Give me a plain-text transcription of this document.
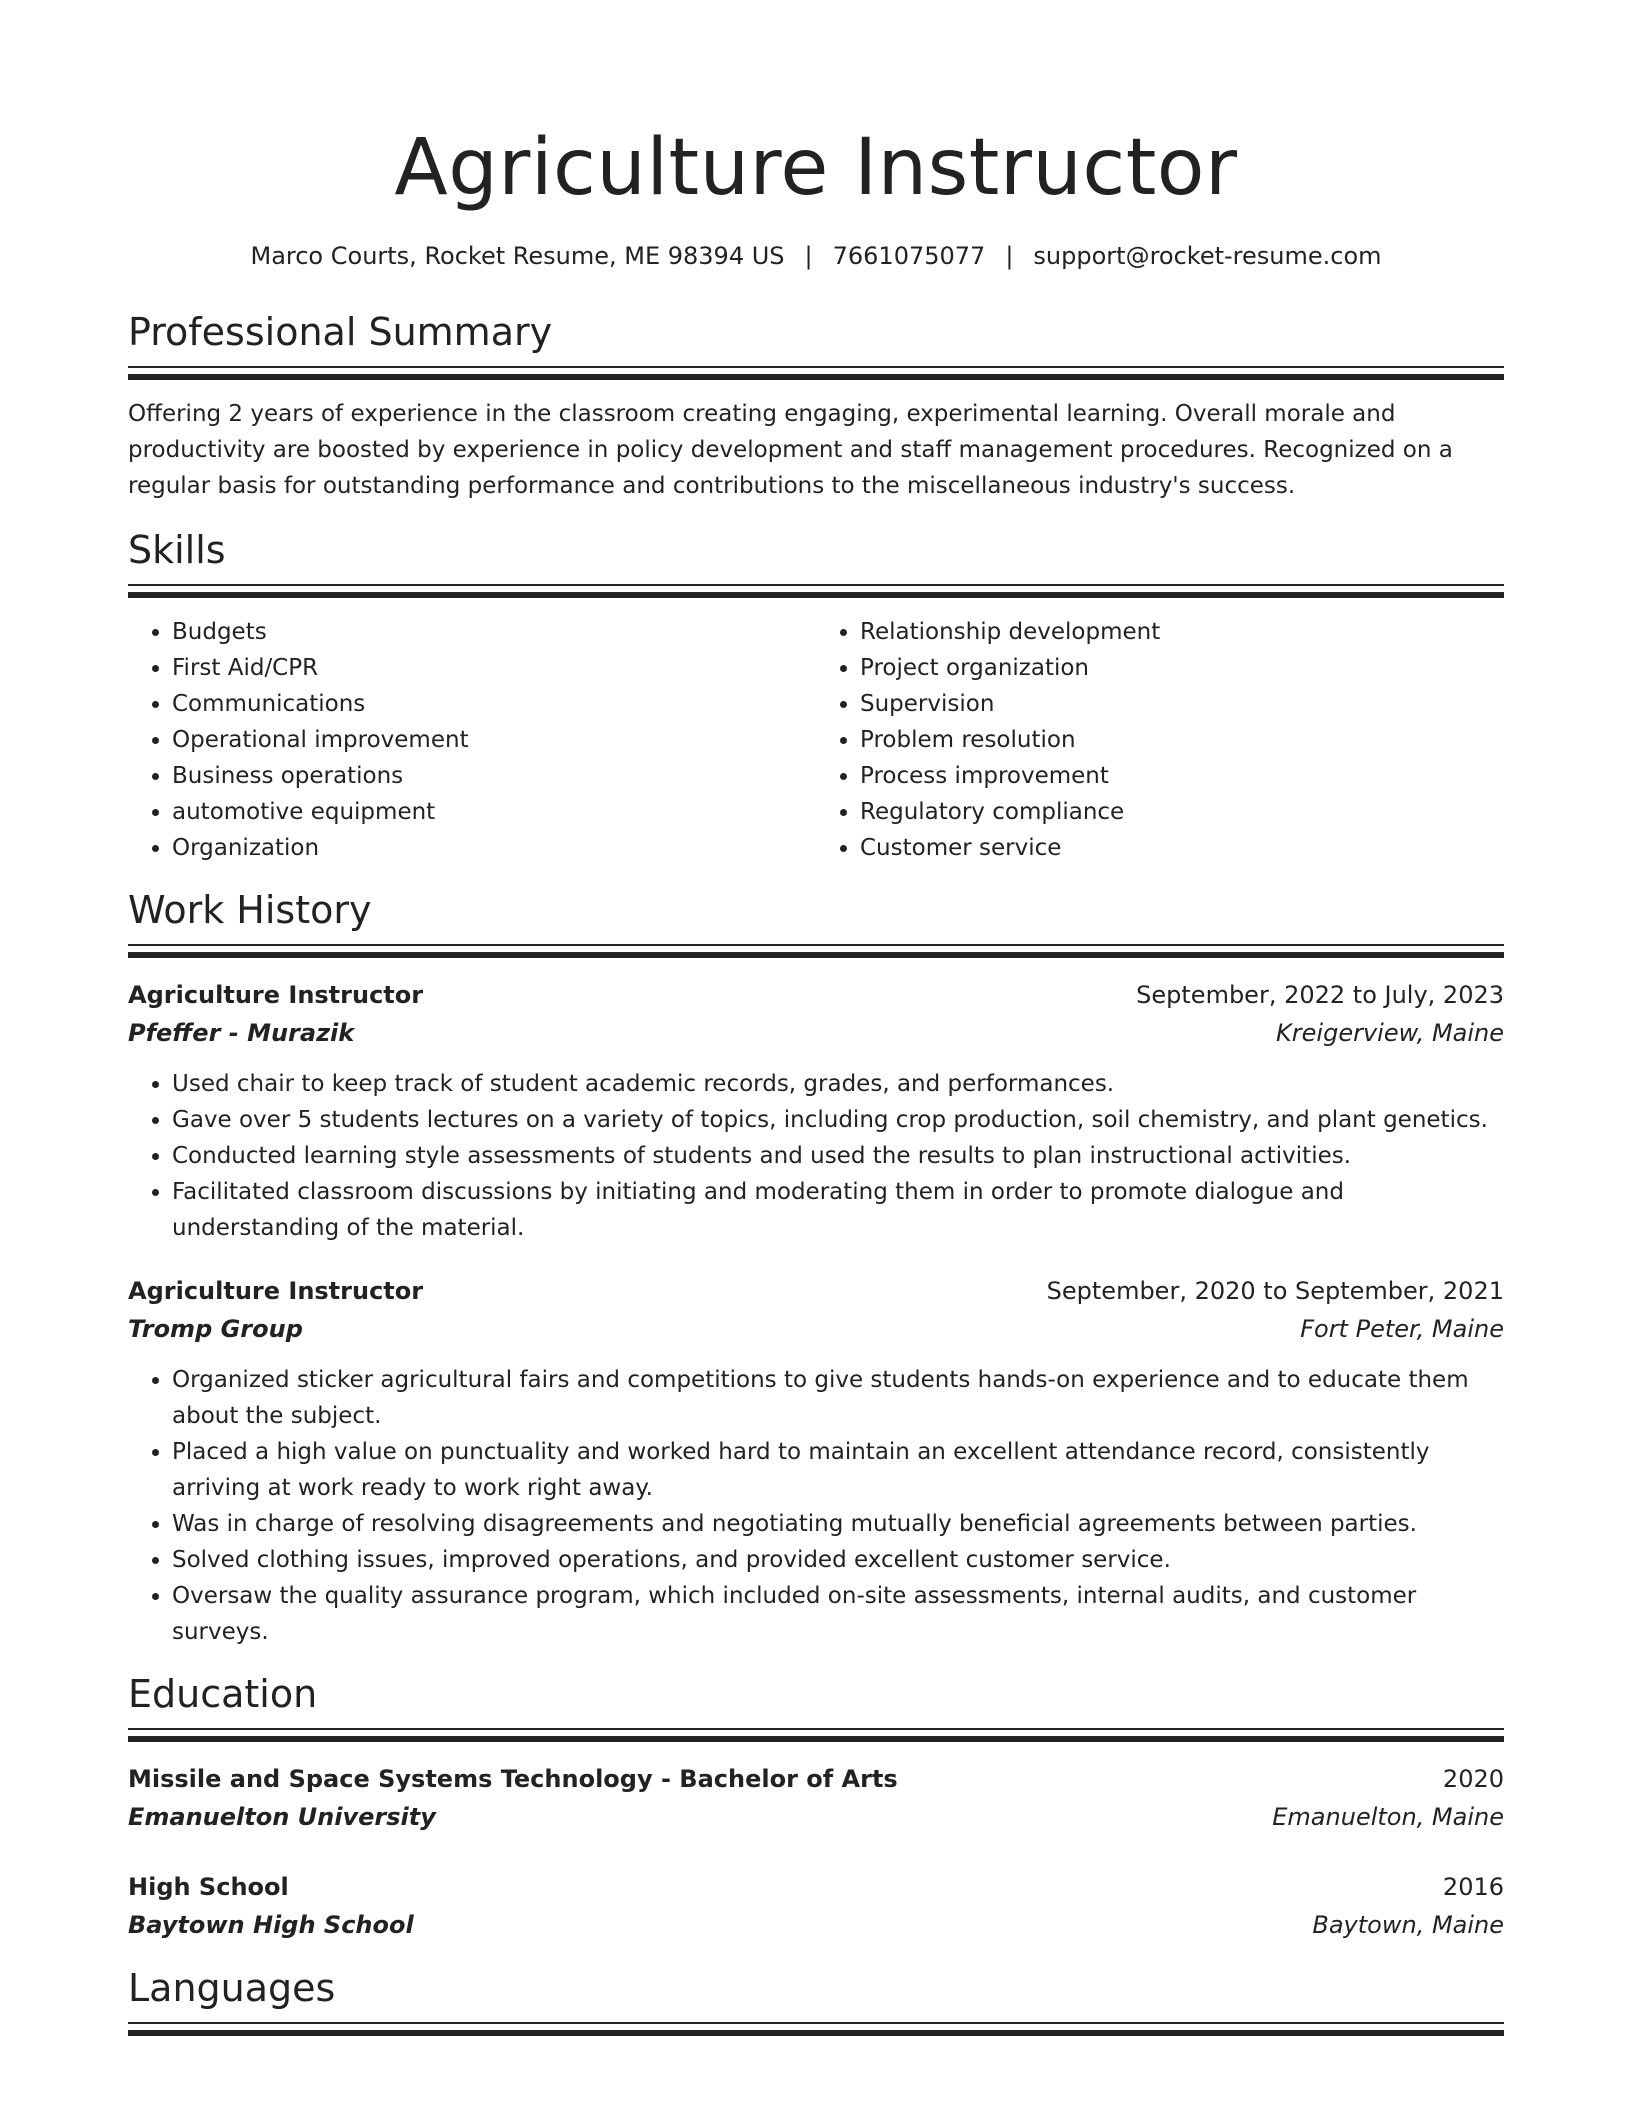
Agriculture Instructor
Marco Courts, Rocket Resume, ME 98394 US | 7661075077 | support@rocket-resume.com
Professional Summary
Offering 2 years of experience in the classroom creating engaging, experimental learning. Overall morale and productivity are boosted by experience in policy development and staff management procedures. Recognized on a regular basis for outstanding performance and contributions to the miscellaneous industry's success.
Skills
• Budgets
• First Aid/CPR
• Communications
• Operational improvement
• Business operations
• automotive equipment
• Organization
• Relationship development
• Project organization
• Supervision
• Problem resolution
• Process improvement
• Regulatory compliance
• Customer service
Work History
Agriculture Instructor	September, 2022 to July, 2023
Pfeffer - Murazik	Kreigerview, Maine
• Used chair to keep track of student academic records, grades, and performances.
• Gave over 5 students lectures on a variety of topics, including crop production, soil chemistry, and plant genetics.
• Conducted learning style assessments of students and used the results to plan instructional activities.
• Facilitated classroom discussions by initiating and moderating them in order to promote dialogue and understanding of the material.
Agriculture Instructor	September, 2020 to September, 2021
Tromp Group	Fort Peter, Maine
• Organized sticker agricultural fairs and competitions to give students hands-on experience and to educate them about the subject.
• Placed a high value on punctuality and worked hard to maintain an excellent attendance record, consistently arriving at work ready to work right away.
• Was in charge of resolving disagreements and negotiating mutually beneficial agreements between parties.
• Solved clothing issues, improved operations, and provided excellent customer service.
• Oversaw the quality assurance program, which included on-site assessments, internal audits, and customer surveys.
Education
Missile and Space Systems Technology - Bachelor of Arts	2020
Emanuelton University	Emanuelton, Maine
High School	2016
Baytown High School	Baytown, Maine
Languages
